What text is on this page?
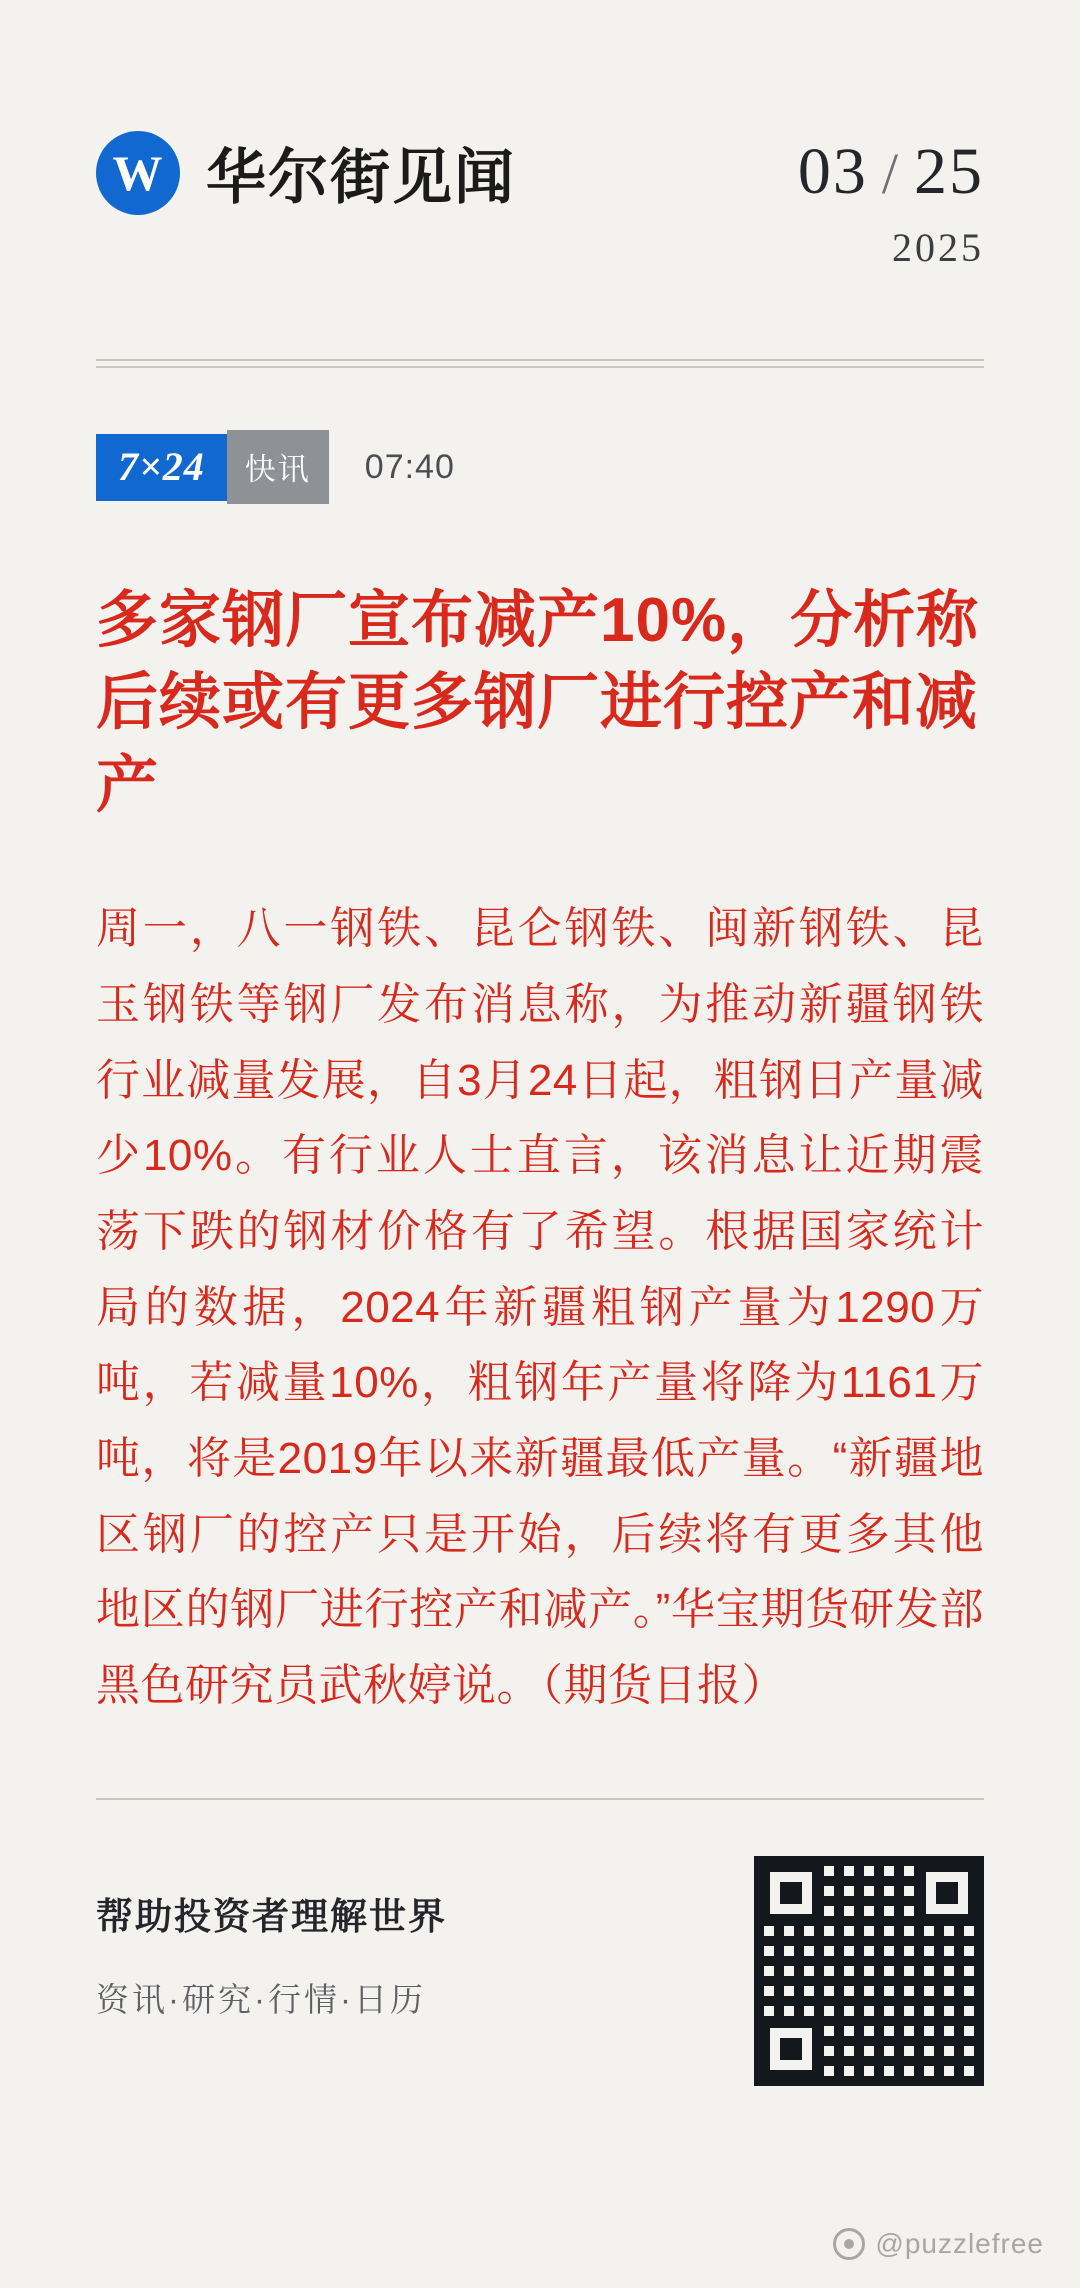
W 华尔街见闻	03 / 25
2025
7×24	快讯	07:40
多家钢厂宣布减产10%，分析称后续或有更多钢厂进行控产和减产

周一，八一钢铁、昆仑钢铁、闽新钢铁、昆玉钢铁等钢厂发布消息称，为推动新疆钢铁行业减量发展，自3月24日起，粗钢日产量减少10%。有行业人士直言，该消息让近期震荡下跌的钢材价格有了希望。根据国家统计局的数据，2024年新疆粗钢产量为1290万吨，若减量10%，粗钢年产量将降为1161万吨，将是2019年以来新疆最低产量。“新疆地区钢厂的控产只是开始，后续将有更多其他地区的钢厂进行控产和减产。”华宝期货研发部黑色研究员武秋婷说。（期货日报）

帮助投资者理解世界
资讯·研究·行情·日历
@puzzlefree
